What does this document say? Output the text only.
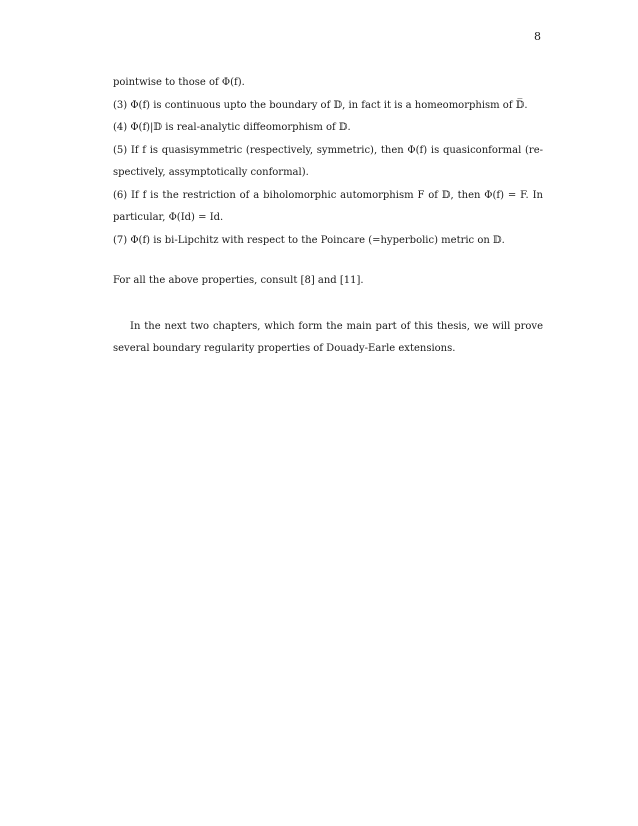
8
pointwise to those of Φ(f).
(3) Φ(f) is continuous upto the boundary of 𝔻, in fact it is a homeomorphism of 𝔻̅.
(4) Φ(f)|𝔻 is real-analytic diffeomorphism of 𝔻.
(5) If f is quasisymmetric (respectively, symmetric), then Φ(f) is quasiconformal (re-
spectively, assymptotically conformal).
(6) If f is the restriction of a biholomorphic automorphism F of 𝔻, then Φ(f) = F. In
particular, Φ(Id) = Id.
(7) Φ(f) is bi-Lipchitz with respect to the Poincare (=hyperbolic) metric on 𝔻.
For all the above properties, consult [8] and [11].
In the next two chapters, which form the main part of this thesis, we will prove
several boundary regularity properties of Douady-Earle extensions.
